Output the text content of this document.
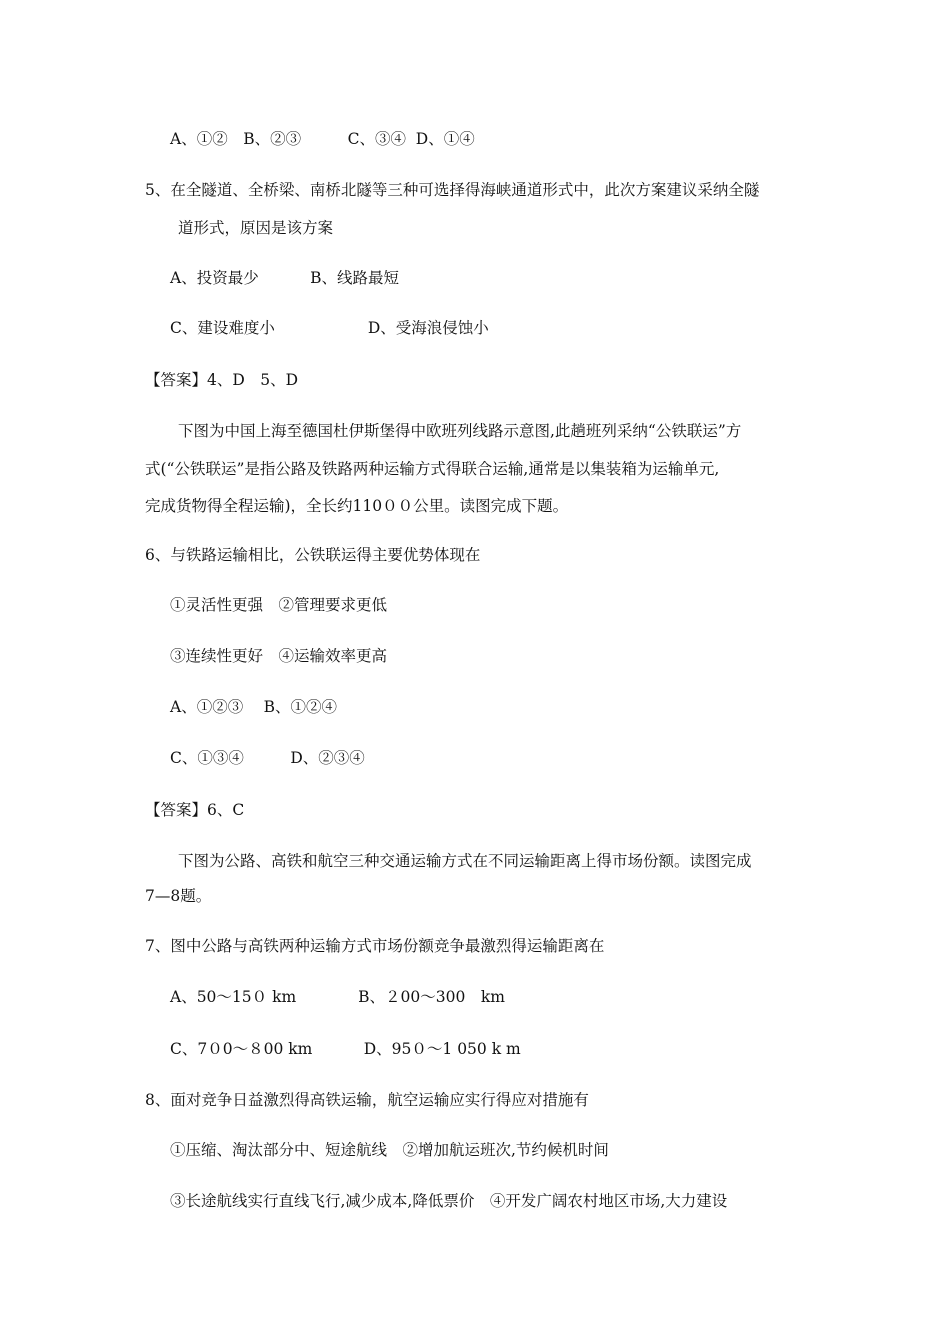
A、①②　B、②③　　　C、③④  D、①④
5、在全隧道、全桥梁、南桥北隧等三种可选择得海峡通道形式中，此次方案建议采纳全隧
道形式，原因是该方案
A、投资最少　　　 B、线路最短
C、建设难度小　　　　　　D、受海浪侵蚀小
【答案】4、D　5、D
下图为中国上海至德国杜伊斯堡得中欧班列线路示意图,此趟班列采纳“公铁联运”方
式(“公铁联运”是指公路及铁路两种运输方式得联合运输,通常是以集装箱为运输单元,
完成货物得全程运输)，全长约110００公里。读图完成下题。
6、与铁路运输相比，公铁联运得主要优势体现在
①灵活性更强　②管理要求更低
③连续性更好　④运输效率更高
A、①②③　 B、①②④
C、①③④　　　D、②③④
【答案】6、C
下图为公路、高铁和航空三种交通运输方式在不同运输距离上得市场份额。读图完成
7—8题。
7、图中公路与高铁两种运输方式市场份额竞争最激烈得运输距离在
A、50～15０ km　　　　B、２00～300　km
C、7０0～８00 km　　　 D、95０～1 050 k m
8、面对竞争日益激烈得高铁运输，航空运输应实行得应对措施有
①压缩、淘汰部分中、短途航线　②增加航运班次,节约候机时间
③长途航线实行直线飞行,减少成本,降低票价　④开发广阔农村地区市场,大力建设
